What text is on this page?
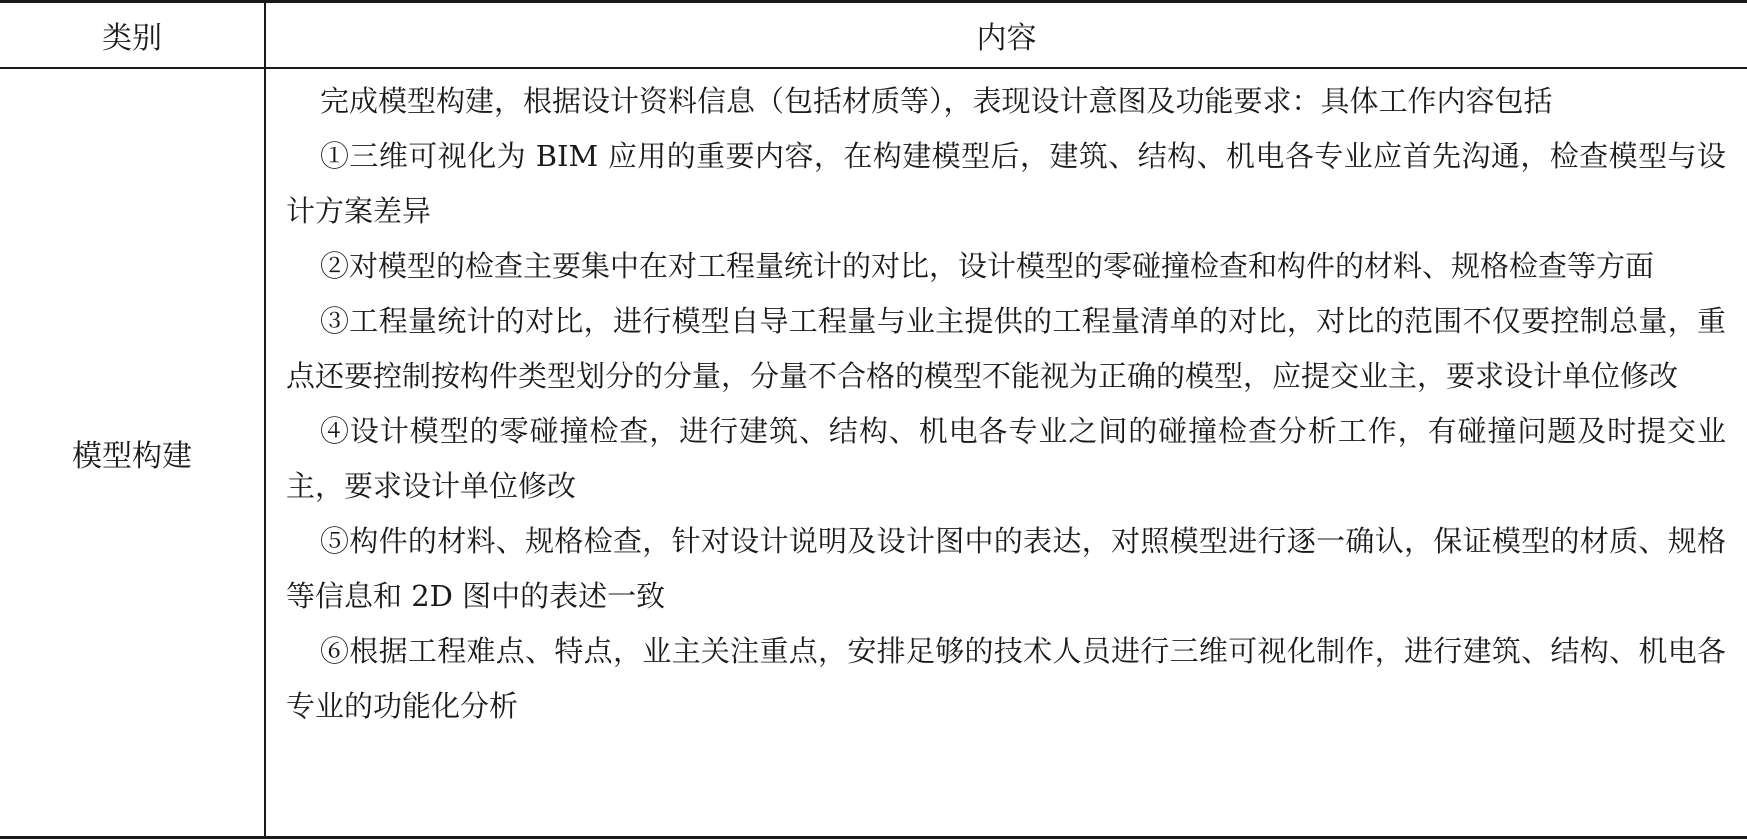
类别	内容
模型构建

完成模型构建，根据设计资料信息（包括材质等），表现设计意图及功能要求：具体工作内容包括

①三维可视化为 BIM 应用的重要内容，在构建模型后，建筑、结构、机电各专业应首先沟通，检查模型与设计方案差异

②对模型的检查主要集中在对工程量统计的对比，设计模型的零碰撞检查和构件的材料、规格检查等方面

③工程量统计的对比，进行模型自导工程量与业主提供的工程量清单的对比，对比的范围不仅要控制总量，重点还要控制按构件类型划分的分量，分量不合格的模型不能视为正确的模型，应提交业主，要求设计单位修改

④设计模型的零碰撞检查，进行建筑、结构、机电各专业之间的碰撞检查分析工作，有碰撞问题及时提交业主，要求设计单位修改

⑤构件的材料、规格检查，针对设计说明及设计图中的表达，对照模型进行逐一确认，保证模型的材质、规格等信息和 2D 图中的表述一致

⑥根据工程难点、特点，业主关注重点，安排足够的技术人员进行三维可视化制作，进行建筑、结构、机电各专业的功能化分析
